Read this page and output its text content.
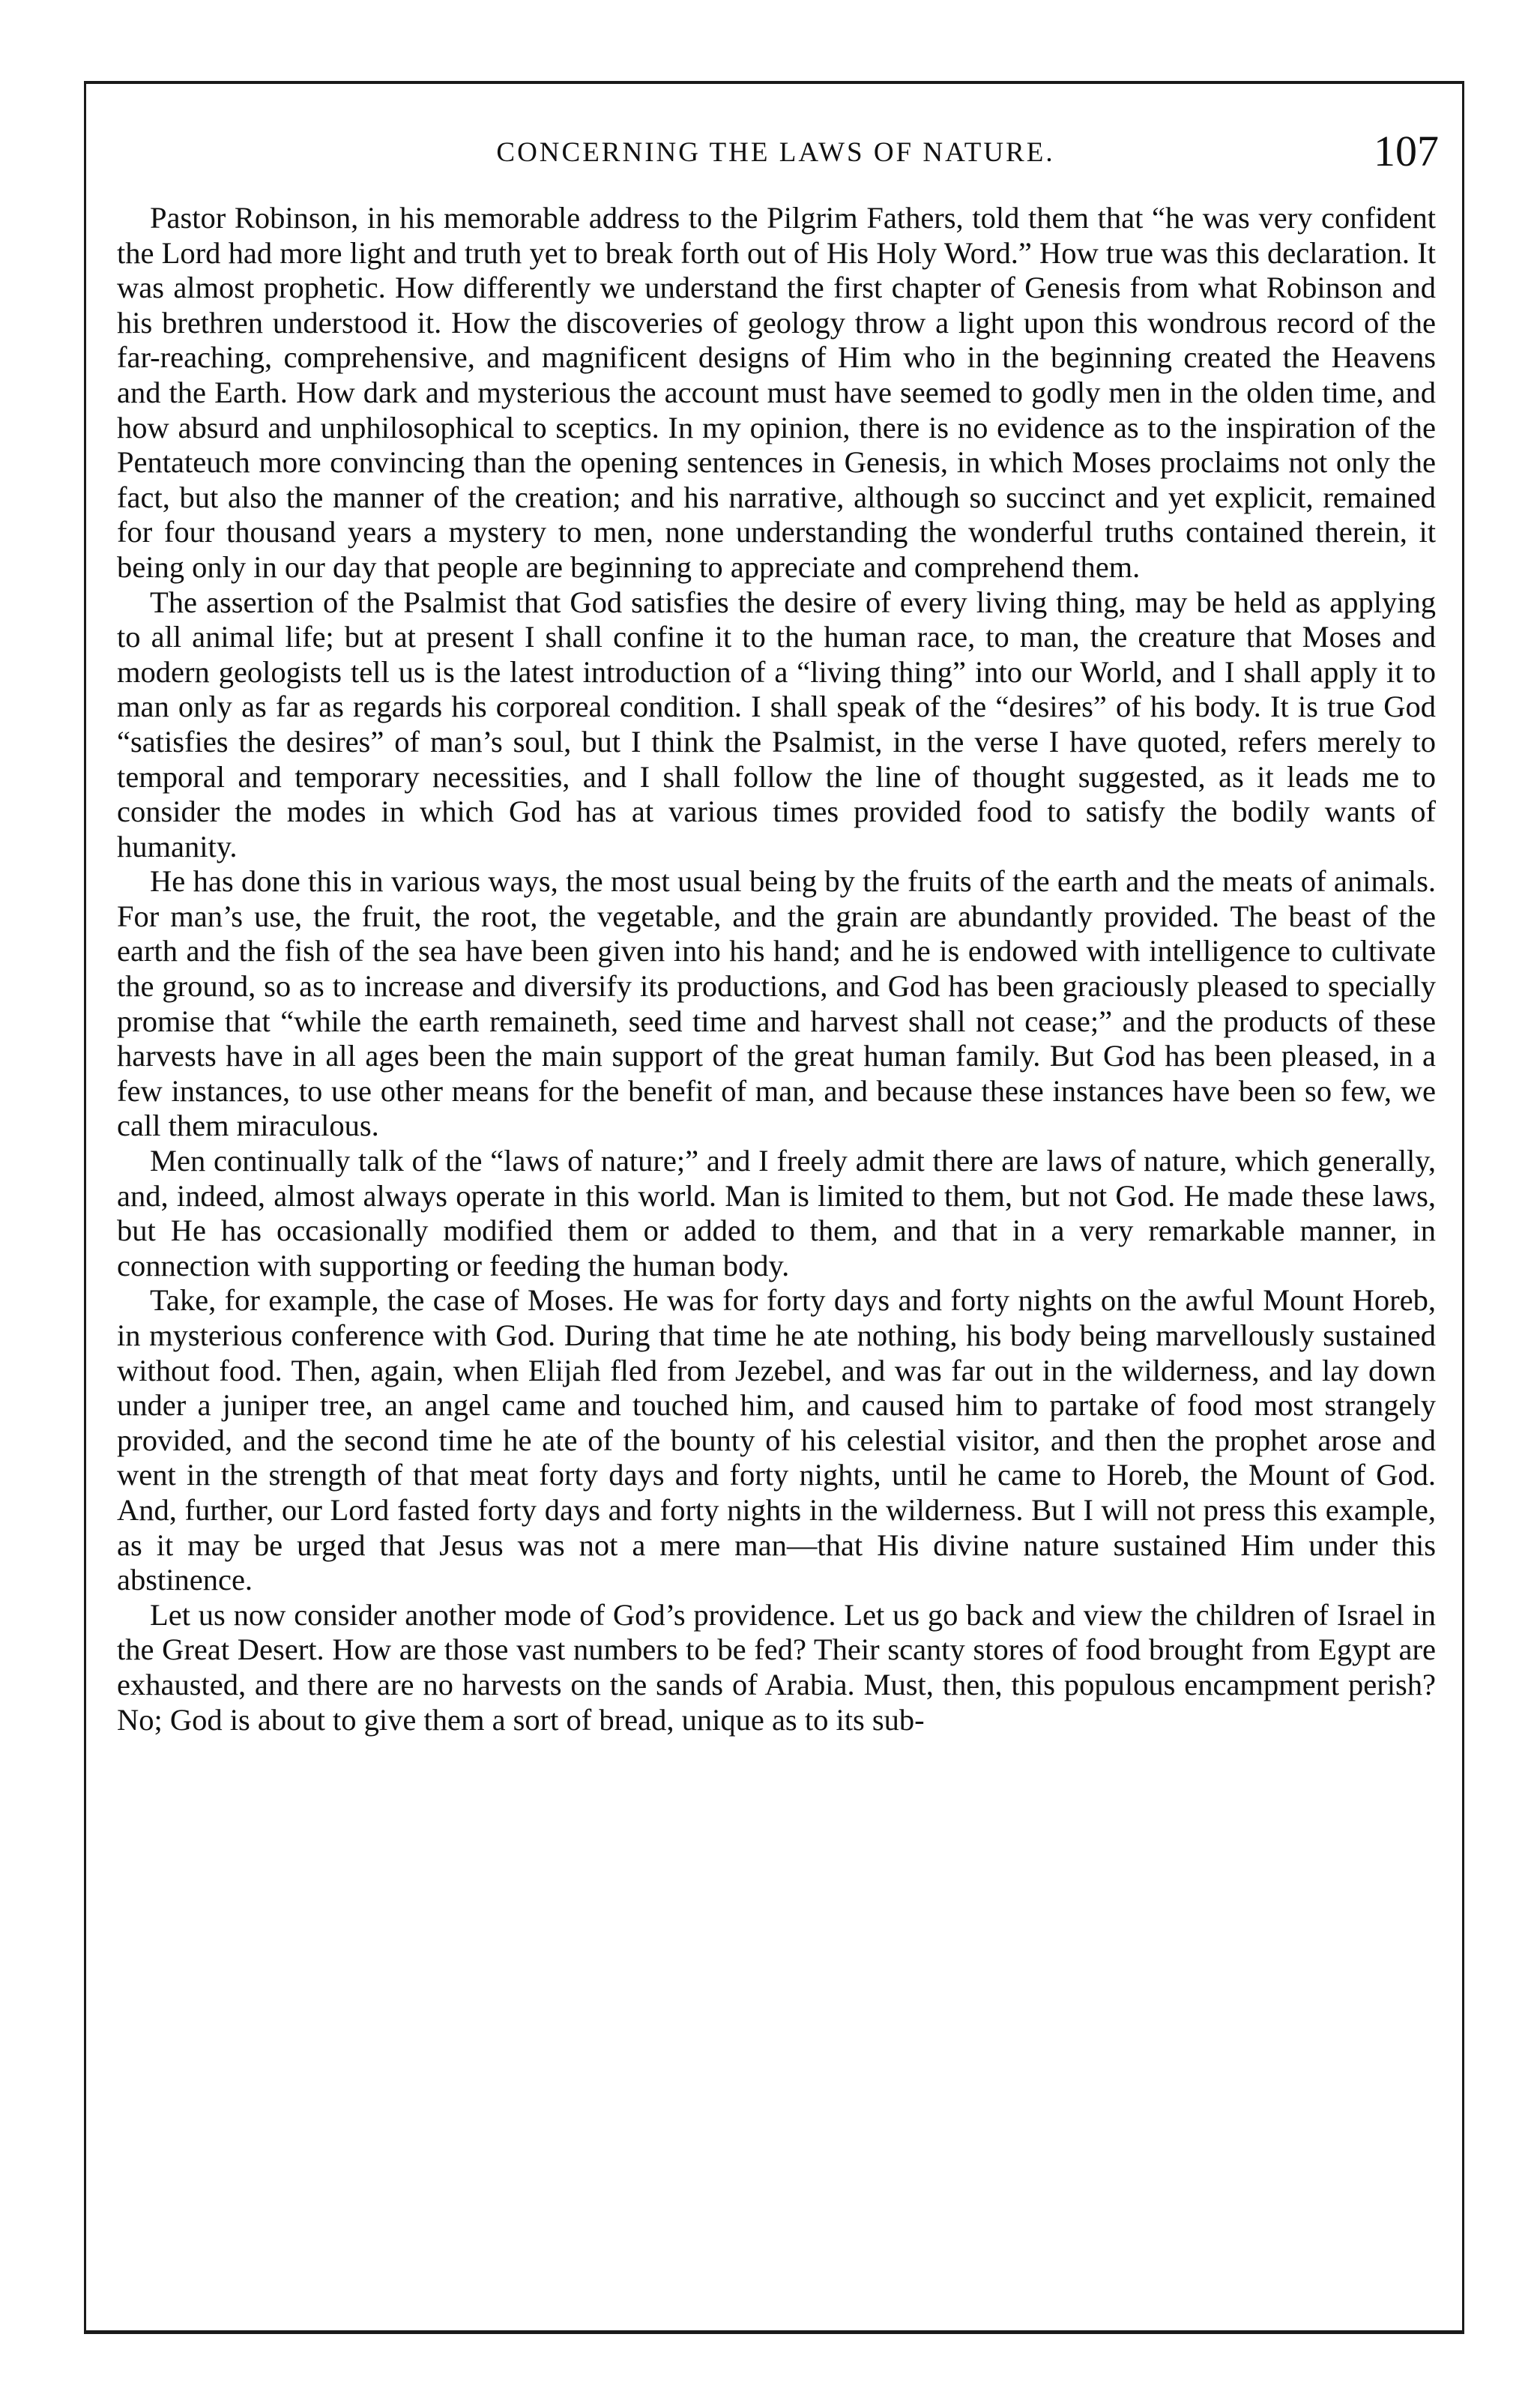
CONCERNING THE LAWS OF NATURE.	107

Pastor Robinson, in his memorable address to the Pilgrim Fathers, told them that “he was very confident the Lord had more light and truth yet to break forth out of His Holy Word.” How true was this declaration. It was almost prophetic. How differently we understand the first chapter of Genesis from what Robinson and his brethren understood it. How the discoveries of geology throw a light upon this wondrous record of the far-reaching, comprehensive, and magnificent designs of Him who in the beginning created the Heavens and the Earth. How dark and mysterious the account must have seemed to godly men in the olden time, and how absurd and unphilosophical to sceptics. In my opinion, there is no evidence as to the inspiration of the Pentateuch more convincing than the opening sentences in Genesis, in which Moses proclaims not only the fact, but also the manner of the creation; and his narrative, although so succinct and yet explicit, remained for four thousand years a mystery to men, none understanding the wonderful truths contained therein, it being only in our day that people are beginning to appreciate and comprehend them.

The assertion of the Psalmist that God satisfies the desire of every living thing, may be held as applying to all animal life; but at present I shall confine it to the human race, to man, the creature that Moses and modern geologists tell us is the latest introduction of a “living thing” into our World, and I shall apply it to man only as far as regards his corporeal condition. I shall speak of the “desires” of his body. It is true God “satisfies the desires” of man’s soul, but I think the Psalmist, in the verse I have quoted, refers merely to temporal and temporary necessities, and I shall follow the line of thought suggested, as it leads me to consider the modes in which God has at various times provided food to satisfy the bodily wants of humanity.

He has done this in various ways, the most usual being by the fruits of the earth and the meats of animals. For man’s use, the fruit, the root, the vegetable, and the grain are abundantly provided. The beast of the earth and the fish of the sea have been given into his hand; and he is endowed with intelligence to cultivate the ground, so as to increase and diversify its productions, and God has been graciously pleased to specially promise that “while the earth remaineth, seed time and harvest shall not cease;” and the products of these harvests have in all ages been the main support of the great human family. But God has been pleased, in a few instances, to use other means for the benefit of man, and because these instances have been so few, we call them miraculous.

Men continually talk of the “laws of nature;” and I freely admit there are laws of nature, which generally, and, indeed, almost always operate in this world. Man is limited to them, but not God. He made these laws, but He has occasionally modified them or added to them, and that in a very remarkable manner, in connection with supporting or feeding the human body.

Take, for example, the case of Moses. He was for forty days and forty nights on the awful Mount Horeb, in mysterious conference with God. During that time he ate nothing, his body being marvellously sustained without food. Then, again, when Elijah fled from Jezebel, and was far out in the wilderness, and lay down under a juniper tree, an angel came and touched him, and caused him to partake of food most strangely provided, and the second time he ate of the bounty of his celestial visitor, and then the prophet arose and went in the strength of that meat forty days and forty nights, until he came to Horeb, the Mount of God. And, further, our Lord fasted forty days and forty nights in the wilderness. But I will not press this example, as it may be urged that Jesus was not a mere man—that His divine nature sustained Him under this abstinence.

Let us now consider another mode of God’s providence. Let us go back and view the children of Israel in the Great Desert. How are those vast numbers to be fed? Their scanty stores of food brought from Egypt are exhausted, and there are no harvests on the sands of Arabia. Must, then, this populous encampment perish? No; God is about to give them a sort of bread, unique as to its sub-
